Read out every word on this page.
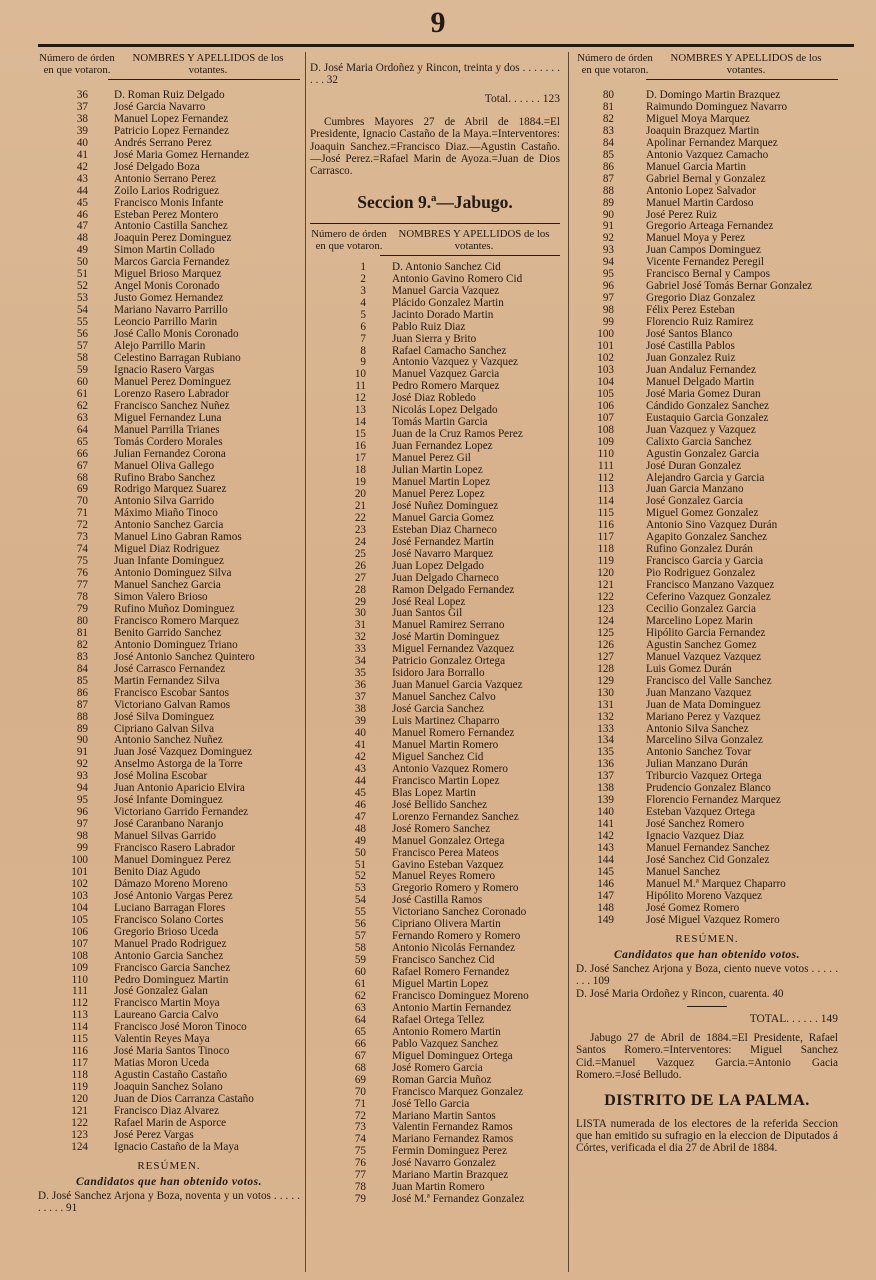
9
Número de órden en que votaron.
NOMBRES Y APELLIDOS de los votantes.
36	D. Roman Ruiz Delgado
37	José Garcia Navarro
38	Manuel Lopez Fernandez
39	Patricio Lopez Fernandez
40	Andrés Serrano Perez
41	José Maria Gomez Hernandez
42	José Delgado Boza
43	Antonio Serrano Perez
44	Zoilo Larios Rodriguez
45	Francisco Monis Infante
46	Esteban Perez Montero
47	Antonio Castilla Sanchez
48	Joaquin Perez Dominguez
49	Simon Martin Collado
50	Marcos Garcia Fernandez
51	Miguel Brioso Marquez
52	Angel Monis Coronado
53	Justo Gomez Hernandez
54	Mariano Navarro Parrillo
55	Leoncio Parrillo Marin
56	José Callo Monis Coronado
57	Alejo Parrillo Marin
58	Celestino Barragan Rubiano
59	Ignacio Rasero Vargas
60	Manuel Perez Dominguez
61	Lorenzo Rasero Labrador
62	Francisco Sanchez Nuñez
63	Miguel Fernandez Luna
64	Manuel Parrilla Trianes
65	Tomás Cordero Morales
66	Julian Fernandez Corona
67	Manuel Oliva Gallego
68	Rufino Brabo Sanchez
69	Rodrigo Marquez Suarez
70	Antonio Silva Garrido
71	Máximo Miaño Tinoco
72	Antonio Sanchez Garcia
73	Manuel Lino Gabran Ramos
74	Miguel Diaz Rodriguez
75	Juan Infante Dominguez
76	Antonio Dominguez Silva
77	Manuel Sanchez Garcia
78	Simon Valero Brioso
79	Rufino Muñoz Dominguez
80	Francisco Romero Marquez
81	Benito Garrido Sanchez
82	Antonio Dominguez Triano
83	José Antonio Sanchez Quintero
84	José Carrasco Fernandez
85	Martin Fernandez Silva
86	Francisco Escobar Santos
87	Victoriano Galvan Ramos
88	José Silva Dominguez
89	Cipriano Galvan Silva
90	Antonio Sanchez Nuñez
91	Juan José Vazquez Dominguez
92	Anselmo Astorga de la Torre
93	José Molina Escobar
94	Juan Antonio Aparicio Elvira
95	José Infante Dominguez
96	Victoriano Garrido Fernandez
97	José Caranbano Naranjo
98	Manuel Silvas Garrido
99	Francisco Rasero Labrador
100	Manuel Dominguez Perez
101	Benito Diaz Agudo
102	Dámazo Moreno Moreno
103	José Antonio Vargas Perez
104	Luciano Barragan Flores
105	Francisco Solano Cortes
106	Gregorio Brioso Uceda
107	Manuel Prado Rodriguez
108	Antonio Garcia Sanchez
109	Francisco Garcia Sanchez
110	Pedro Dominguez Martin
111	José Gonzalez Galan
112	Francisco Martin Moya
113	Laureano Garcia Calvo
114	Francisco José Moron Tinoco
115	Valentin Reyes Maya
116	José Maria Santos Tinoco
117	Matias Moron Uceda
118	Agustin Castaño Castaño
119	Joaquin Sanchez Solano
120	Juan de Dios Carranza Castaño
121	Francisco Diaz Alvarez
122	Rafael Marin de Asporce
123	José Perez Vargas
124	Ignacio Castaño de la Maya
RESÚMEN.
Candidatos que han obtenido votos.
D. José Sanchez Arjona y Boza, noventa y un votos . . . . . . . . . . 91
D. José Maria Ordoñez y Rincon, treinta y dos . . . . . . . . . . 32
Total. . . . . .
123
Cumbres Mayores 27 de Abril de 1884.=El Presidente, Ignacio Castaño de la Maya.=Interventores: Joaquin Sanchez.=Francisco Diaz.—Agustin Castaño.—José Perez.=Rafael Marin de Ayoza.=Juan de Dios Carrasco.
Seccion 9.ª—Jabugo.
Número de órden en que votaron.
NOMBRES Y APELLIDOS de los votantes.
1	D. Antonio Sanchez Cid
2	Antonio Gavino Romero Cid
3	Manuel Garcia Vazquez
4	Plácido Gonzalez Martin
5	Jacinto Dorado Martin
6	Pablo Ruiz Diaz
7	Juan Sierra y Brito
8	Rafael Camacho Sanchez
9	Antonio Vazquez y Vazquez
10	Manuel Vazquez Garcia
11	Pedro Romero Marquez
12	José Diaz Robledo
13	Nicolás Lopez Delgado
14	Tomás Martin Garcia
15	Juan de la Cruz Ramos Perez
16	Juan Fernandez Lopez
17	Manuel Perez Gil
18	Julian Martin Lopez
19	Manuel Martin Lopez
20	Manuel Perez Lopez
21	José Nuñez Dominguez
22	Manuel Garcia Gomez
23	Esteban Diaz Charneco
24	José Fernandez Martin
25	José Navarro Marquez
26	Juan Lopez Delgado
27	Juan Delgado Charneco
28	Ramon Delgado Fernandez
29	José Real Lopez
30	Juan Santos Gil
31	Manuel Ramirez Serrano
32	José Martin Dominguez
33	Miguel Fernandez Vazquez
34	Patricio Gonzalez Ortega
35	Isidoro Jara Borrallo
36	Juan Manuel Garcia Vazquez
37	Manuel Sanchez Calvo
38	José Garcia Sanchez
39	Luis Martinez Chaparro
40	Manuel Romero Fernandez
41	Manuel Martin Romero
42	Miguel Sanchez Cid
43	Antonio Vazquez Romero
44	Francisco Martin Lopez
45	Blas Lopez Martin
46	José Bellido Sanchez
47	Lorenzo Fernandez Sanchez
48	José Romero Sanchez
49	Manuel Gonzalez Ortega
50	Francisco Perea Mateos
51	Gavino Esteban Vazquez
52	Manuel Reyes Romero
53	Gregorio Romero y Romero
54	José Castilla Ramos
55	Victoriano Sanchez Coronado
56	Cipriano Olivera Martin
57	Fernando Romero y Romero
58	Antonio Nicolás Fernandez
59	Francisco Sanchez Cid
60	Rafael Romero Fernandez
61	Miguel Martin Lopez
62	Francisco Dominguez Moreno
63	Antonio Martin Fernandez
64	Rafael Ortega Tellez
65	Antonio Romero Martin
66	Pablo Vazquez Sanchez
67	Miguel Dominguez Ortega
68	José Romero Garcia
69	Roman Garcia Muñoz
70	Francisco Marquez Gonzalez
71	José Tello Garcia
72	Mariano Martin Santos
73	Valentin Fernandez Ramos
74	Mariano Fernandez Ramos
75	Fermin Dominguez Perez
76	José Navarro Gonzalez
77	Mariano Martin Brazquez
78	Juan Martin Romero
79	José M.ª Fernandez Gonzalez
Número de órden en que votaron.
NOMBRES Y APELLIDOS de los votantes.
80	D. Domingo Martin Brazquez
81	Raimundo Dominguez Navarro
82	Miguel Moya Marquez
83	Joaquin Brazquez Martin
84	Apolinar Fernandez Marquez
85	Antonio Vazquez Camacho
86	Manuel Garcia Martin
87	Gabriel Bernal y Gonzalez
88	Antonio Lopez Salvador
89	Manuel Martin Cardoso
90	José Perez Ruiz
91	Gregorio Arteaga Fernandez
92	Manuel Moya y Perez
93	Juan Campos Dominguez
94	Vicente Fernandez Peregil
95	Francisco Bernal y Campos
96	Gabriel José Tomás Bernar Gonzalez
97	Gregorio Diaz Gonzalez
98	Félix Perez Esteban
99	Florencio Ruiz Ramirez
100	José Santos Blanco
101	José Castilla Pablos
102	Juan Gonzalez Ruiz
103	Juan Andaluz Fernandez
104	Manuel Delgado Martin
105	José Maria Gomez Duran
106	Cándido Gonzalez Sanchez
107	Eustaquio Garcia Gonzalez
108	Juan Vazquez y Vazquez
109	Calixto Garcia Sanchez
110	Agustin Gonzalez Garcia
111	José Duran Gonzalez
112	Alejandro Garcia y Garcia
113	Juan Garcia Manzano
114	José Gonzalez Garcia
115	Miguel Gomez Gonzalez
116	Antonio Sino Vazquez Durán
117	Agapito Gonzalez Sanchez
118	Rufino Gonzalez Durán
119	Francisco Garcia y Garcia
120	Pio Rodriguez Gonzalez
121	Francisco Manzano Vazquez
122	Ceferino Vazquez Gonzalez
123	Cecilio Gonzalez Garcia
124	Marcelino Lopez Marin
125	Hipólito Garcia Fernandez
126	Agustin Sanchez Gomez
127	Manuel Vazquez Vazquez
128	Luis Gomez Durán
129	Francisco del Valle Sanchez
130	Juan Manzano Vazquez
131	Juan de Mata Dominguez
132	Mariano Perez y Vazquez
133	Antonio Silva Sanchez
134	Marcelino Silva Gonzalez
135	Antonio Sanchez Tovar
136	Julian Manzano Durán
137	Triburcio Vazquez Ortega
138	Prudencio Gonzalez Blanco
139	Florencio Fernandez Marquez
140	Esteban Vazquez Ortega
141	José Sanchez Romero
142	Ignacio Vazquez Diaz
143	Manuel Fernandez Sanchez
144	José Sanchez Cid Gonzalez
145	Manuel Sanchez
146	Manuel M.ª Marquez Chaparro
147	Hipólito Moreno Vazquez
148	José Gomez Romero
149	José Miguel Vazquez Romero
RESÚMEN.
Candidatos que han obtenido votos.
D. José Sanchez Arjona y Boza, ciento nueve votos . . . . . . . . 109
D. José Maria Ordoñez y Rincon, cuarenta. 40
TOTAL. . . . . .
149
Jabugo 27 de Abril de 1884.=El Presidente, Rafael Santos Romero.=Interventores: Miguel Sanchez Cid.=Manuel Vazquez Garcia.=Antonio Gacia Romero.=José Belludo.
DISTRITO DE LA PALMA.
LISTA numerada de los electores de la referida Seccion que han emitido su sufragio en la eleccion de Diputados á Córtes, verificada el dia 27 de Abril de 1884.
